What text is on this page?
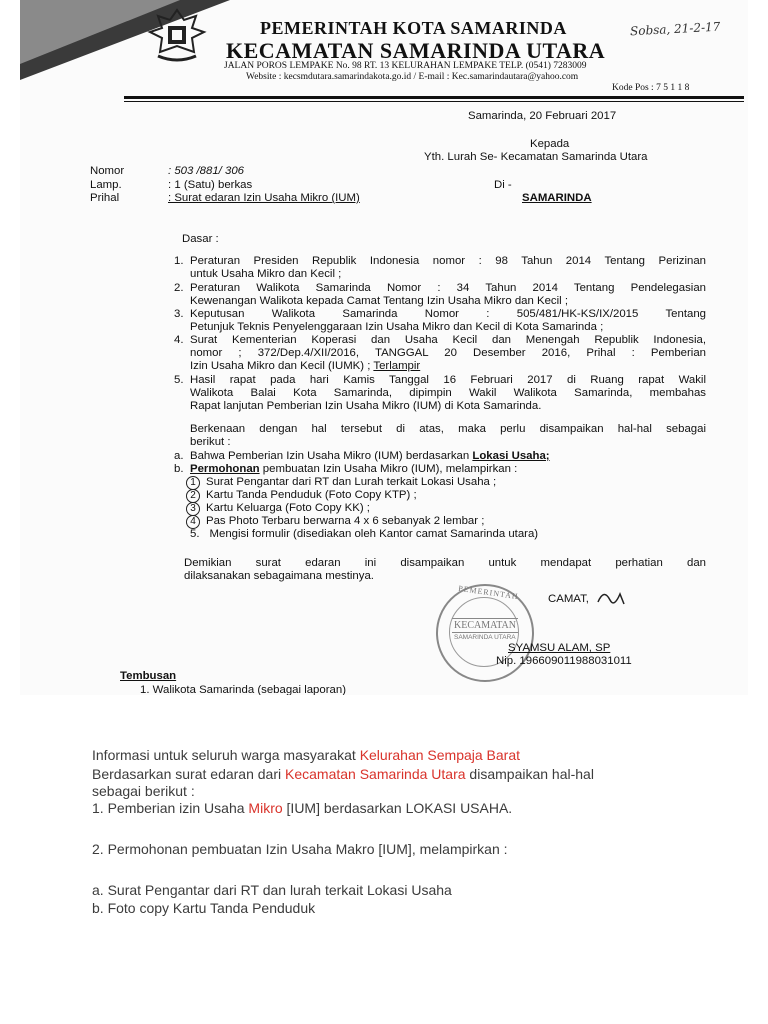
PEMERINTAH KOTA SAMARINDA
KECAMATAN SAMARINDA UTARA
JALAN POROS LEMPAKE No. 98 RT. 13 KELURAHAN LEMPAKE TELP. (0541) 7283009
Website : kecsmdutara.samarindakota.go.id / E-mail : Kec.samarindautara@yahoo.com
Kode Pos : 7 5 1 1 8
Sobsa, 21-2-17
Samarinda, 20 Februari 2017
Kepada
Yth. Lurah Se- Kecamatan Samarinda Utara
Nomor	: 503 /881/ 306
Lamp.	: 1 (Satu) berkas	Di -
Prihal	: Surat edaran Izin Usaha Mikro (IUM)	SAMARINDA
Dasar :
1. Peraturan Presiden Republik Indonesia nomor : 98 Tahun 2014 Tentang Perizinan
untuk Usaha Mikro dan Kecil ;
2. Peraturan Walikota Samarinda Nomor : 34 Tahun 2014 Tentang Pendelegasian
Kewenangan Walikota kepada Camat Tentang Izin Usaha Mikro dan Kecil ;
3. Keputusan Walikota Samarinda Nomor : 505/481/HK-KS/IX/2015 Tentang
Petunjuk Teknis Penyelenggaraan Izin Usaha Mikro dan Kecil di Kota Samarinda ;
4. Surat Kementerian Koperasi dan Usaha Kecil dan Menengah Republik Indonesia,
nomor ; 372/Dep.4/XII/2016, TANGGAL 20 Desember 2016, Prihal : Pemberian
Izin Usaha Mikro dan Kecil (IUMK) ; Terlampir
5. Hasil rapat pada hari Kamis Tanggal 16 Februari 2017 di Ruang rapat Wakil
Walikota Balai Kota Samarinda, dipimpin Wakil Walikota Samarinda, membahas
Rapat lanjutan Pemberian Izin Usaha Mikro (IUM) di Kota Samarinda.
Berkenaan dengan hal tersebut di atas, maka perlu disampaikan hal-hal sebagai
berikut :
a. Bahwa Pemberian Izin Usaha Mikro (IUM) berdasarkan Lokasi Usaha;
b. Permohonan pembuatan Izin Usaha Mikro (IUM), melampirkan :
1 Surat Pengantar dari RT dan Lurah terkait Lokasi Usaha ;
2 Kartu Tanda Penduduk (Foto Copy KTP) ;
3 Kartu Keluarga (Foto Copy KK) ;
4 Pas Photo Terbaru berwarna 4 x 6 sebanyak 2 lembar ;
5. Mengisi formulir (disediakan oleh Kantor camat Samarinda utara)
Demikian surat edaran ini disampaikan untuk mendapat perhatian dan
dilaksanakan sebagaimana mestinya.
PEMERINTAH
KECAMATAN
SAMARINDA UTARA
CAMAT,
SYAMSU ALAM, SP
Nip. 196609011988031011
Tembusan
1. Walikota Samarinda (sebagai laporan)
Informasi untuk seluruh warga masyarakat Kelurahan Sempaja Barat
Berdasarkan surat edaran dari Kecamatan Samarinda Utara disampaikan hal-hal
sebagai berikut :
1. Pemberian izin Usaha Mikro [IUM] berdasarkan LOKASI USAHA.
2. Permohonan pembuatan Izin Usaha Makro [IUM], melampirkan :
a. Surat Pengantar dari RT dan lurah terkait Lokasi Usaha
b. Foto copy Kartu Tanda Penduduk
